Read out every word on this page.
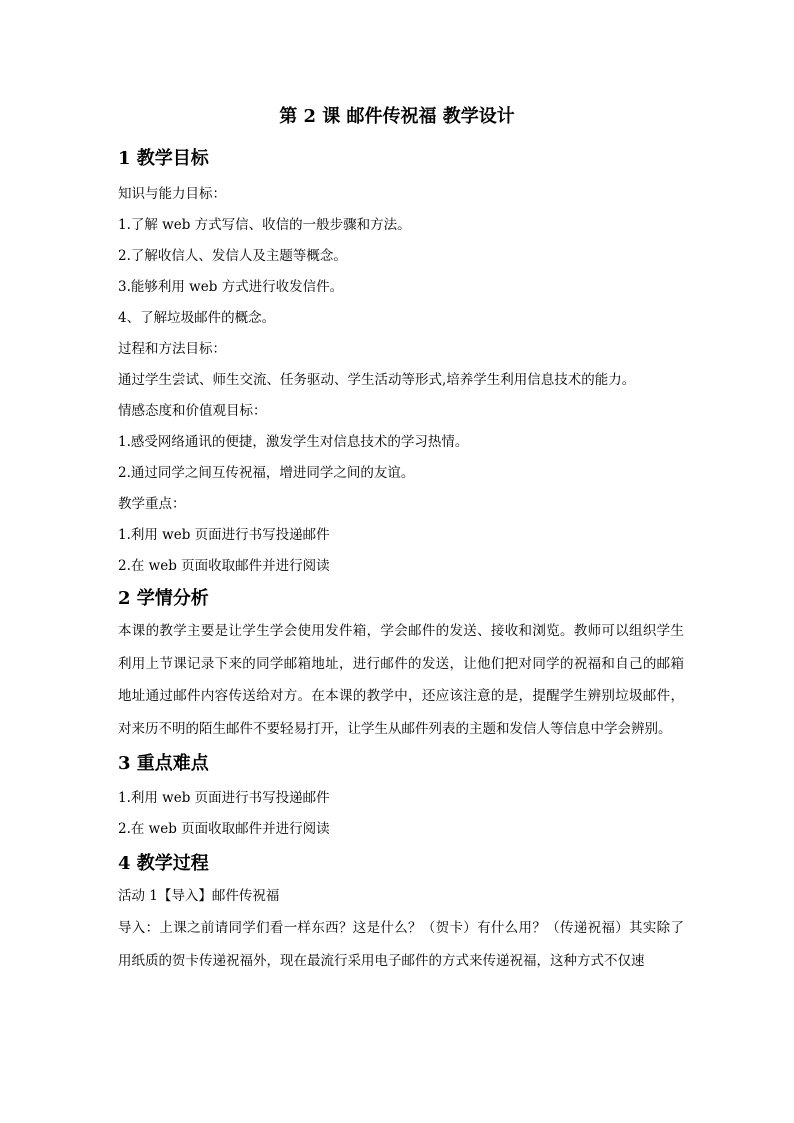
第 2 课 邮件传祝福 教学设计
1 教学目标

知识与能力目标：

1.了解 web 方式写信、收信的一般步骤和方法。

2.了解收信人、发信人及主题等概念。

3.能够利用 web 方式进行收发信件。

4、了解垃圾邮件的概念。

过程和方法目标：

通过学生尝试、师生交流、任务驱动、学生活动等形式,培养学生利用信息技术的能力。

情感态度和价值观目标：

1.感受网络通讯的便捷，激发学生对信息技术的学习热情。

2.通过同学之间互传祝福，增进同学之间的友谊。

教学重点：

1.利用 web 页面进行书写投递邮件

2.在 web 页面收取邮件并进行阅读

2 学情分析

本课的教学主要是让学生学会使用发件箱，学会邮件的发送、接收和浏览。教师可以组织学生利用上节课记录下来的同学邮箱地址，进行邮件的发送，让他们把对同学的祝福和自己的邮箱地址通过邮件内容传送给对方。在本课的教学中，还应该注意的是，提醒学生辨别垃圾邮件，对来历不明的陌生邮件不要轻易打开，让学生从邮件列表的主题和发信人等信息中学会辨别。

3 重点难点

1.利用 web 页面进行书写投递邮件

2.在 web 页面收取邮件并进行阅读

4 教学过程

活动 1【导入】邮件传祝福

导入：上课之前请同学们看一样东西？这是什么？（贺卡）有什么用？（传递祝福）其实除了用纸质的贺卡传递祝福外，现在最流行采用电子邮件的方式来传递祝福，这种方式不仅速
